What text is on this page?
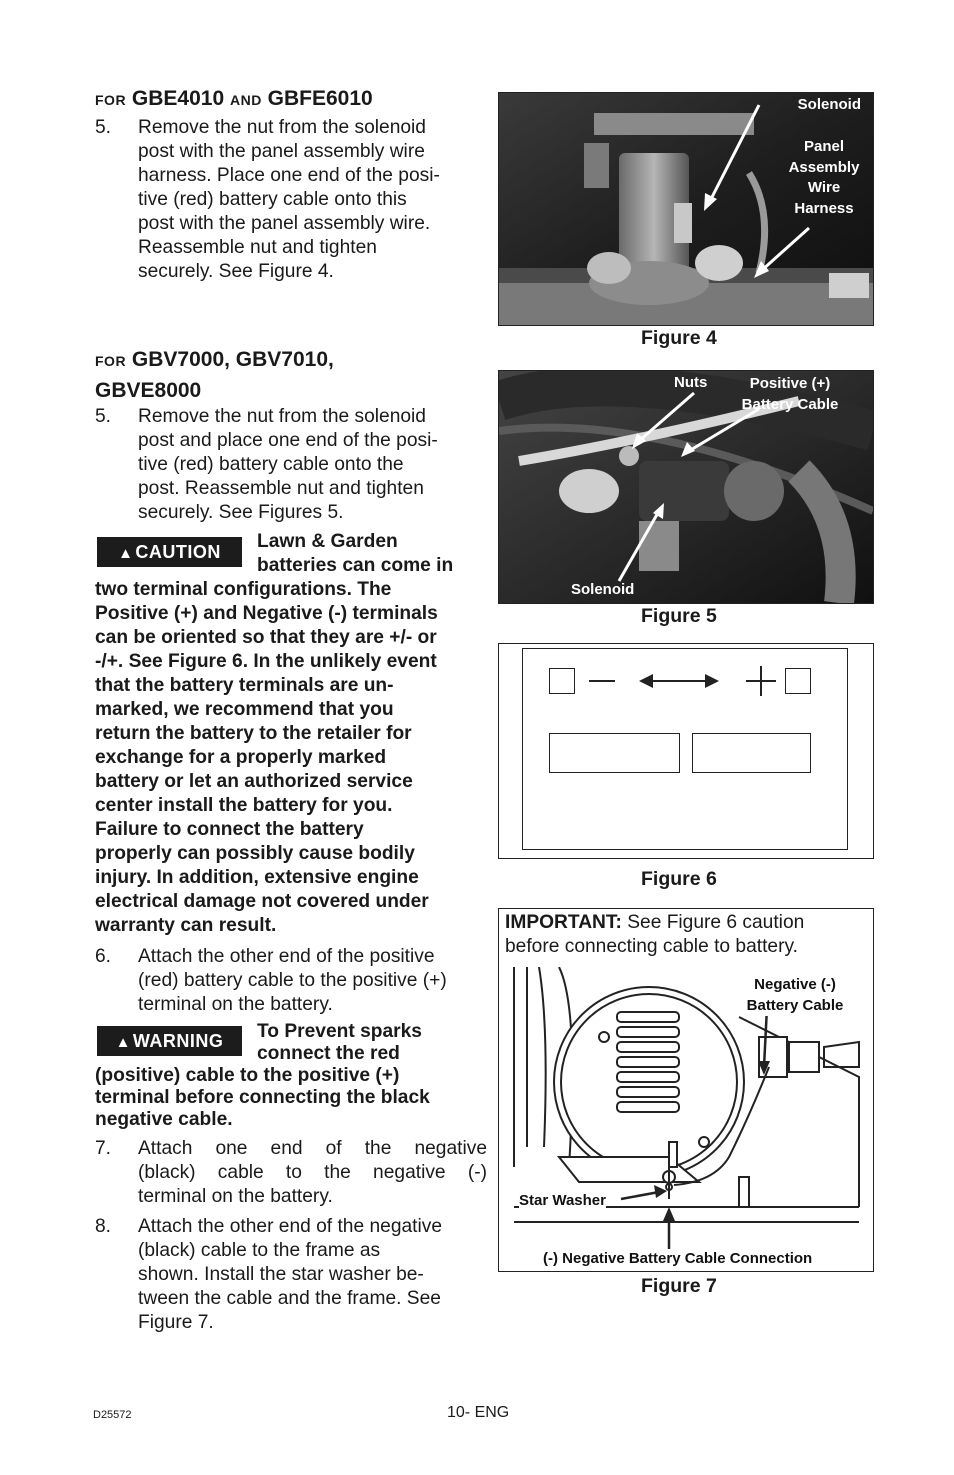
FOR GBE4010 AND GBFE6010
5. Remove the nut from the solenoid
post with the panel assembly wire
harness. Place one end of the posi-
tive (red) battery cable onto this
post with the panel assembly wire.
Reassemble nut and tighten
securely. See Figure 4.
FOR GBV7000, GBV7010,
GBVE8000
5. Remove the nut from the solenoid
post and place one end of the posi-
tive (red) battery cable onto the
post. Reassemble nut and tighten
securely. See Figures 5.
▲ CAUTION	Lawn & Garden
batteries can come in
two terminal configurations. The
Positive (+) and Negative (-) terminals
can be oriented so that they are +/- or
-/+. See Figure 6. In the unlikely event
that the battery terminals are un-
marked, we recommend that you
return the battery to the retailer for
exchange for a properly marked
battery or let an authorized service
center install the battery for you.
Failure to connect the battery
properly can possibly cause bodily
injury. In addition, extensive engine
electrical damage not covered under
warranty can result.
6. Attach the other end of the positive
(red) battery cable to the positive (+)
terminal on the battery.
▲ WARNING	To Prevent sparks
connect the red
(positive) cable to the positive (+)
terminal before connecting the black
negative cable.
7. Attach one end of the negative
(black) cable to the negative (-)
terminal on the battery.
8. Attach the other end of the negative
(black) cable to the frame as
shown. Install the star washer be-
tween the cable and the frame. See
Figure 7.
Solenoid
Panel
Assembly
Wire
Harness
Figure 4
Nuts	Positive (+)
Battery Cable
Solenoid
Figure 5
Figure 6
IMPORTANT: See Figure 6 caution
before connecting cable to battery.
Negative (-)
Battery Cable
Star Washer
(-) Negative Battery Cable Connection
Figure 7
D25572	10- ENG
